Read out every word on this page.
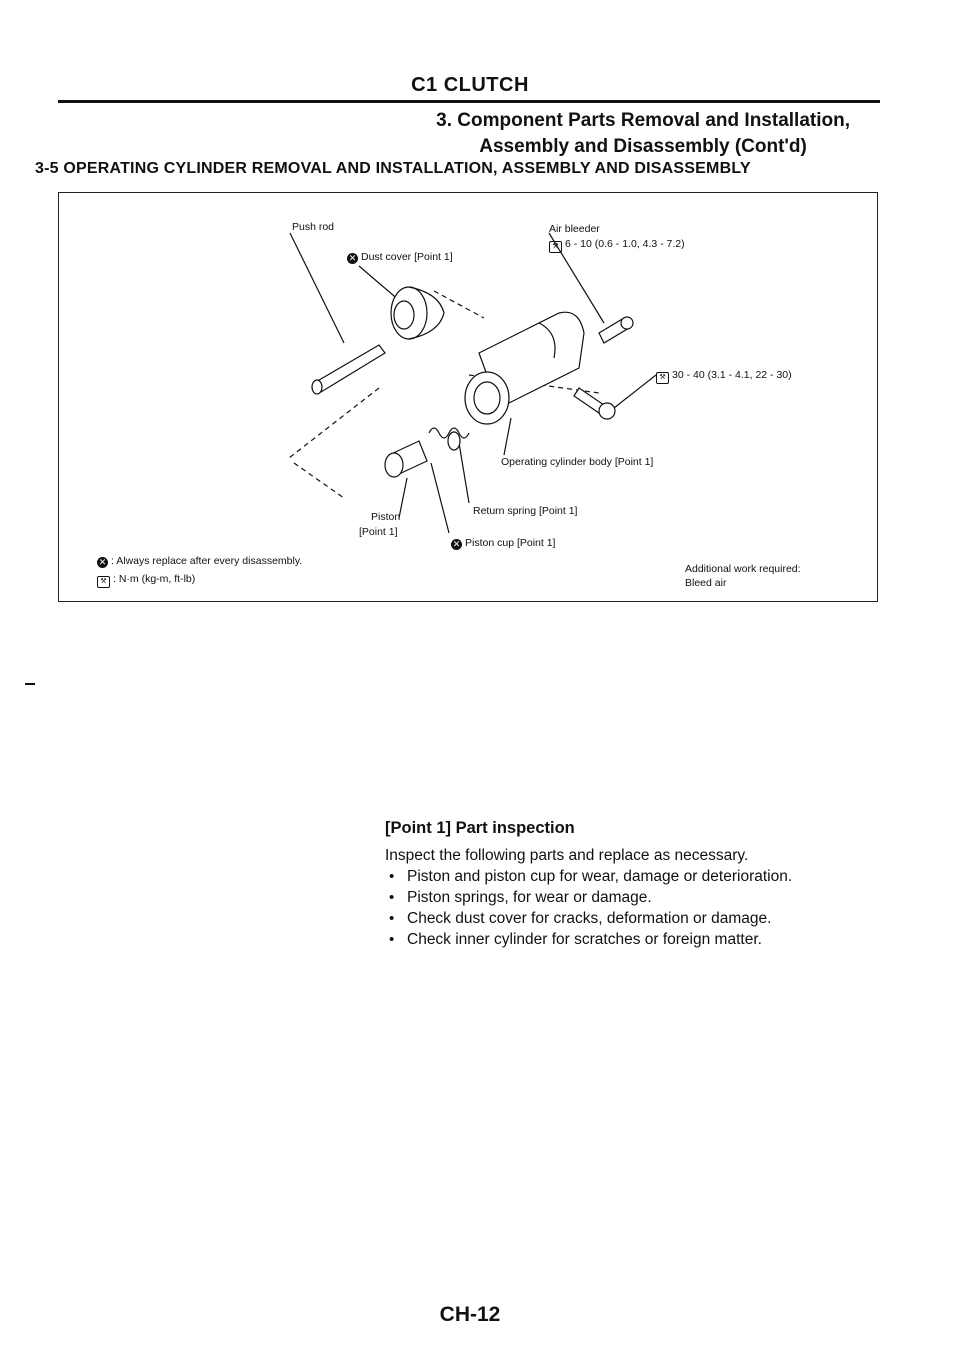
C1 CLUTCH
3. Component Parts Removal and Installation,
Assembly and Disassembly (Cont'd)
3-5 OPERATING CYLINDER REMOVAL AND INSTALLATION, ASSEMBLY AND DISASSEMBLY
Push rod
✕ Dust cover [Point 1]
Air bleeder
⚒ 6 - 10 (0.6 - 1.0, 4.3 - 7.2)
⚒ 30 - 40 (3.1 - 4.1, 22 - 30)
Operating cylinder body [Point 1]
Return spring [Point 1]
Piston
[Point 1]
✕ Piston cup [Point 1]
✕ : Always replace after every disassembly.
⚒ : N·m (kg-m, ft-lb)
Additional work required:
Bleed air
[Point 1] Part inspection

Inspect the following parts and replace as necessary.

• Piston and piston cup for wear, damage or deterioration.
• Piston springs, for wear or damage.
• Check dust cover for cracks, deformation or damage.
• Check inner cylinder for scratches or foreign matter.
CH-12
